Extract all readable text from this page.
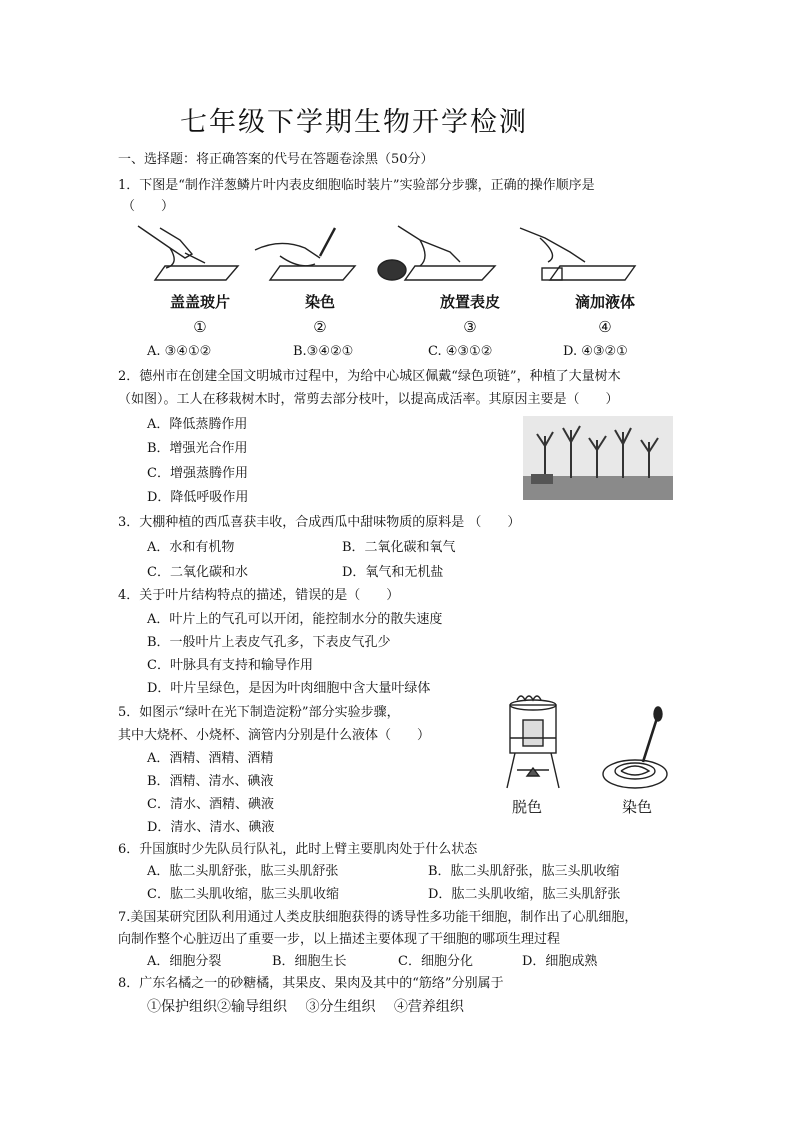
七年级下学期生物开学检测
一、选择题：将正确答案的代号在答题卷涂黑（50分）
1．下图是“制作洋葱鳞片叶内表皮细胞临时装片”实验部分步骤，正确的操作顺序是
（　　）
盖盖玻片	染色	放置表皮	滴加液体
①	②	③	④
A. ③④①②	B.③④②①	C. ④③①②	D. ④③②①
2．德州市在创建全国文明城市过程中，为给中心城区佩戴“绿色项链”，种植了大量树木
（如图）。工人在移栽树木时，常剪去部分枝叶，以提高成活率。其原因主要是（　　）
A．降低蒸腾作用
B．增强光合作用
C．增强蒸腾作用
D．降低呼吸作用
3．大棚种植的西瓜喜获丰收，合成西瓜中甜味物质的原料是 （　　）
A．水和有机物	B．二氧化碳和氧气
C．二氧化碳和水	D．氧气和无机盐
4．关于叶片结构特点的描述，错误的是（　　）
A．叶片上的气孔可以开闭，能控制水分的散失速度
B．一般叶片上表皮气孔多，下表皮气孔少
C．叶脉具有支持和输导作用
D．叶片呈绿色，是因为叶肉细胞中含大量叶绿体
5．如图示“绿叶在光下制造淀粉”部分实验步骤，
其中大烧杯、小烧杯、滴管内分别是什么液体（　　）
A．酒精、酒精、酒精
B．酒精、清水、碘液
C．清水、酒精、碘液
D．清水、清水、碘液
脱色	染色
6．升国旗时少先队员行队礼，此时上臂主要肌肉处于什么状态
A．肱二头肌舒张，肱三头肌舒张	B．肱二头肌舒张，肱三头肌收缩
C．肱二头肌收缩，肱三头肌收缩	D．肱二头肌收缩，肱三头肌舒张
7.美国某研究团队利用通过人类皮肤细胞获得的诱导性多功能干细胞，制作出了心肌细胞，
向制作整个心脏迈出了重要一步，以上描述主要体现了干细胞的哪项生理过程
A．细胞分裂	B．细胞生长	C．细胞分化	D．细胞成熟
8．广东名橘之一的砂糖橘，其果皮、果肉及其中的“筋络”分别属于
①保护组织②输导组织　 ③分生组织　 ④营养组织
